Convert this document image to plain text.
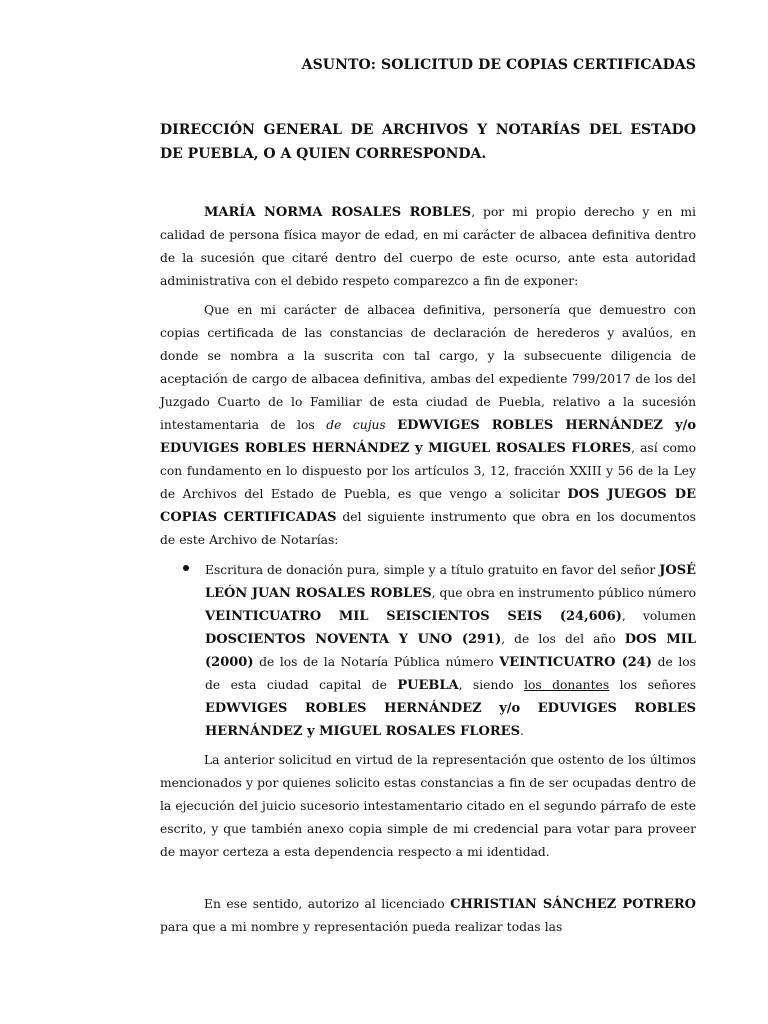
ASUNTO: SOLICITUD DE COPIAS CERTIFICADAS
DIRECCIÓN GENERAL DE ARCHIVOS Y NOTARÍAS DEL ESTADO DE PUEBLA, O A QUIEN CORRESPONDA.

MARÍA NORMA ROSALES ROBLES, por mi propio derecho y en mi calidad de persona física mayor de edad, en mi carácter de albacea definitiva dentro de la sucesión que citaré dentro del cuerpo de este ocurso, ante esta autoridad administrativa con el debido respeto comparezco a fin de exponer:

Que en mi carácter de albacea definitiva, personería que demuestro con copias certificada de las constancias de declaración de herederos y avalúos, en donde se nombra a la suscrita con tal cargo, y la subsecuente diligencia de aceptación de cargo de albacea definitiva, ambas del expediente 799/2017 de los del Juzgado Cuarto de lo Familiar de esta ciudad de Puebla, relativo a la sucesión intestamentaria de los de cujus EDWVIGES ROBLES HERNÁNDEZ y/o EDUVIGES ROBLES HERNÁNDEZ y MIGUEL ROSALES FLORES, así como con fundamento en lo dispuesto por los artículos 3, 12, fracción XXIII y 56 de la Ley de Archivos del Estado de Puebla, es que vengo a solicitar DOS JUEGOS DE COPIAS CERTIFICADAS del siguiente instrumento que obra en los documentos de este Archivo de Notarías:

Escritura de donación pura, simple y a título gratuito en favor del señor JOSÉ LEÓN JUAN ROSALES ROBLES, que obra en instrumento público número VEINTICUATRO MIL SEISCIENTOS SEIS (24,606), volumen DOSCIENTOS NOVENTA Y UNO (291), de los del año DOS MIL (2000) de los de la Notaría Pública número VEINTICUATRO (24) de los de esta ciudad capital de PUEBLA, siendo los donantes los señores EDWVIGES ROBLES HERNÁNDEZ y/o EDUVIGES ROBLES HERNÁNDEZ y MIGUEL ROSALES FLORES.

La anterior solicitud en virtud de la representación que ostento de los últimos mencionados y por quienes solicito estas constancias a fin de ser ocupadas dentro de la ejecución del juicio sucesorio intestamentario citado en el segundo párrafo de este escrito, y que también anexo copia simple de mi credencial para votar para proveer de mayor certeza a esta dependencia respecto a mi identidad.

En ese sentido, autorizo al licenciado CHRISTIAN SÁNCHEZ POTRERO para que a mi nombre y representación pueda realizar todas las
